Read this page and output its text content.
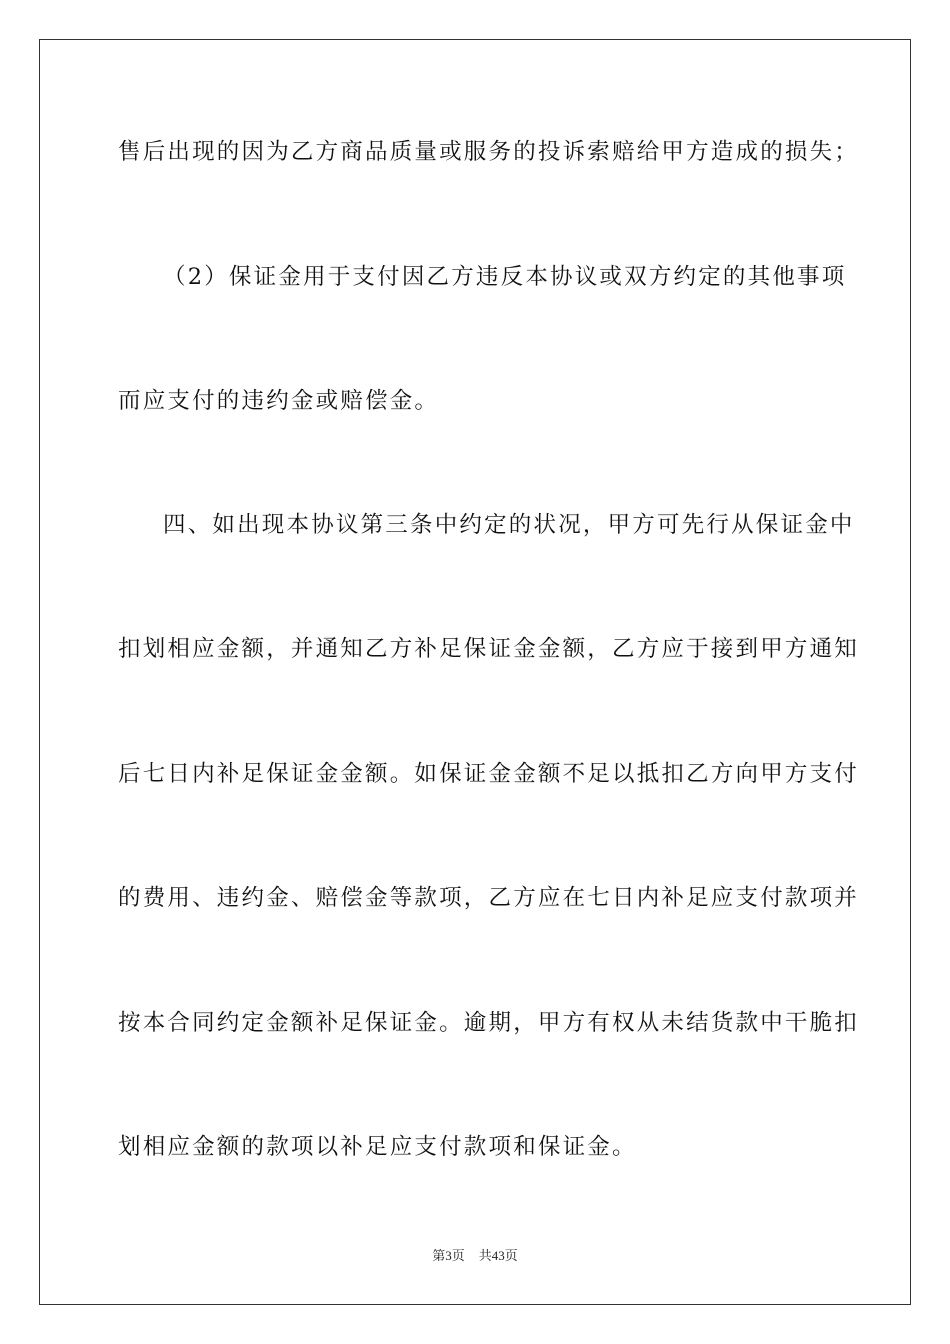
售后出现的因为乙方商品质量或服务的投诉索赔给甲方造成的损失；
（2）保证金用于支付因乙方违反本协议或双方约定的其他事项
而应支付的违约金或赔偿金。
四、如出现本协议第三条中约定的状况，甲方可先行从保证金中
扣划相应金额，并通知乙方补足保证金金额，乙方应于接到甲方通知
后七日内补足保证金金额。如保证金金额不足以抵扣乙方向甲方支付
的费用、违约金、赔偿金等款项，乙方应在七日内补足应支付款项并
按本合同约定金额补足保证金。逾期，甲方有权从未结货款中干脆扣
划相应金额的款项以补足应支付款项和保证金。
第3页 共43页
